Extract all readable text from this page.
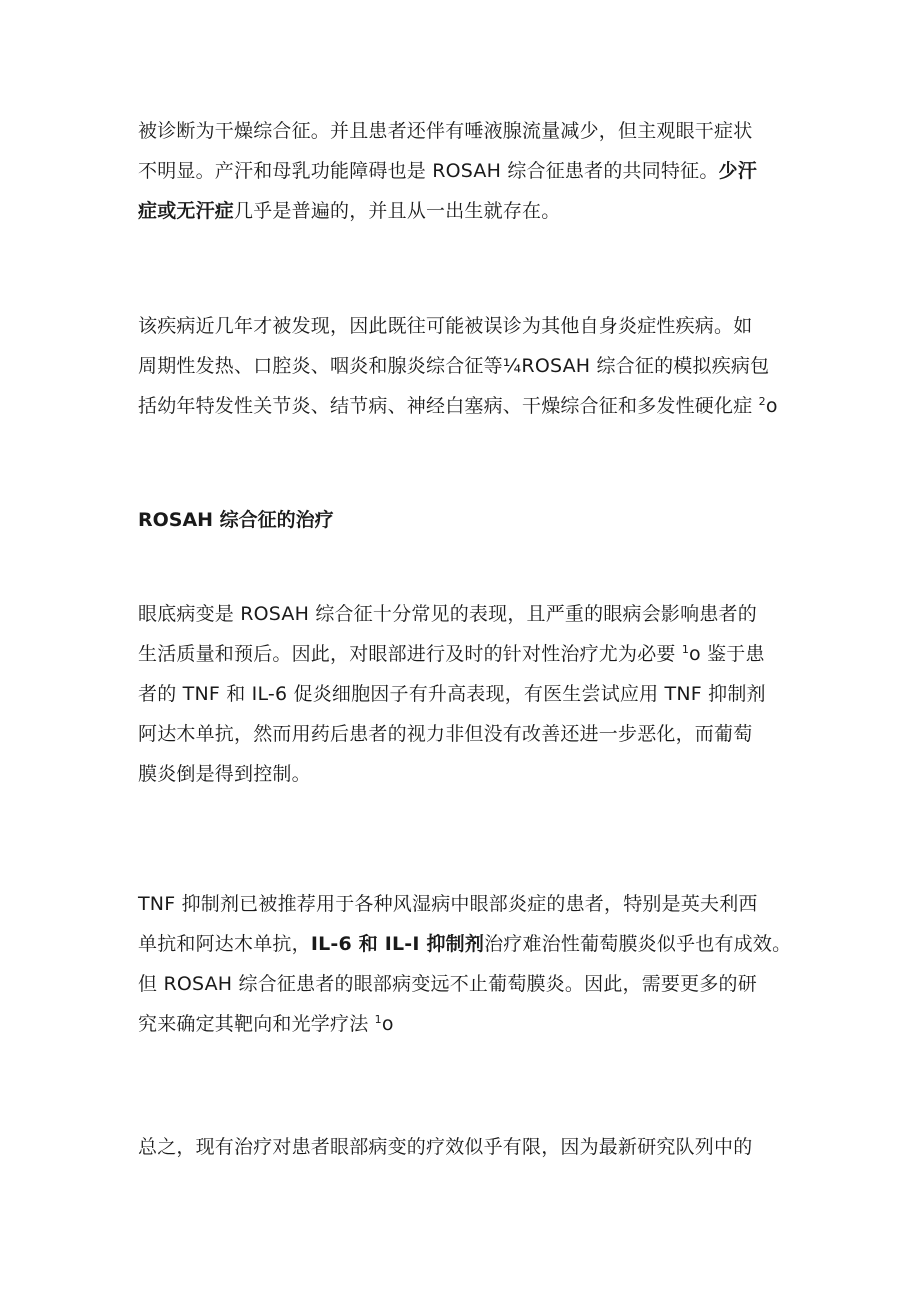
被诊断为干燥综合征。并且患者还伴有唾液腺流量减少，但主观眼干症状
不明显。产汗和母乳功能障碍也是 ROSAH 综合征患者的共同特征。少汗
症或无汗症几乎是普遍的，并且从一出生就存在。

该疾病近几年才被发现，因此既往可能被误诊为其他自身炎症性疾病。如
周期性发热、口腔炎、咽炎和腺炎综合征等¼ROSAH 综合征的模拟疾病包
括幼年特发性关节炎、结节病、神经白塞病、干燥综合征和多发性硬化症 $^2$o

ROSAH 综合征的治疗

眼底病变是 ROSAH 综合征十分常见的表现，且严重的眼病会影响患者的
生活质量和预后。因此，对眼部进行及时的针对性治疗尤为必要 $^1$o 鉴于患
者的 TNF 和 IL-6 促炎细胞因子有升高表现，有医生尝试应用 TNF 抑制剂
阿达木单抗，然而用药后患者的视力非但没有改善还进一步恶化，而葡萄
膜炎倒是得到控制。

TNF 抑制剂已被推荐用于各种风湿病中眼部炎症的患者，特别是英夫利西
单抗和阿达木单抗，IL-6 和 IL-I 抑制剂治疗难治性葡萄膜炎似乎也有成效。
但 ROSAH 综合征患者的眼部病变远不止葡萄膜炎。因此，需要更多的研
究来确定其靶向和光学疗法 $^1$o

总之，现有治疗对患者眼部病变的疗效似乎有限，因为最新研究队列中的
